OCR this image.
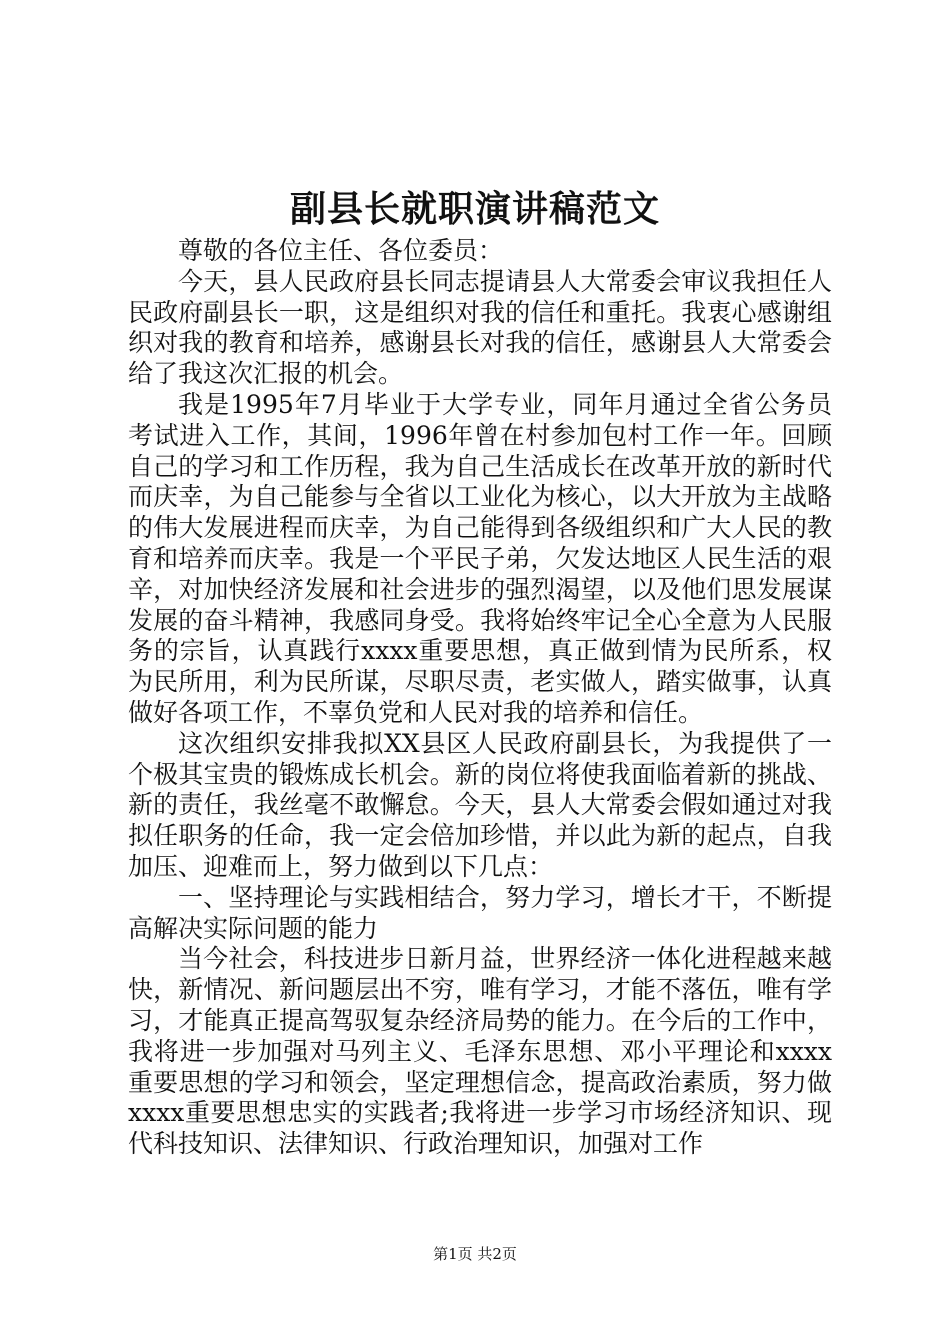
副县长就职演讲稿范文

尊敬的各位主任、各位委员：

今天，县人民政府县长同志提请县人大常委会审议我担任人民政府副县长一职，这是组织对我的信任和重托。我衷心感谢组织对我的教育和培养，感谢县长对我的信任，感谢县人大常委会给了我这次汇报的机会。

我是1995年7月毕业于大学专业，同年月通过全省公务员考试进入工作，其间，1996年曾在村参加包村工作一年。回顾自己的学习和工作历程，我为自己生活成长在改革开放的新时代而庆幸，为自己能参与全省以工业化为核心，以大开放为主战略的伟大发展进程而庆幸，为自己能得到各级组织和广大人民的教育和培养而庆幸。我是一个平民子弟，欠发达地区人民生活的艰辛，对加快经济发展和社会进步的强烈渴望，以及他们思发展谋发展的奋斗精神，我感同身受。我将始终牢记全心全意为人民服务的宗旨，认真践行xxxx重要思想，真正做到情为民所系，权为民所用，利为民所谋，尽职尽责，老实做人，踏实做事，认真做好各项工作，不辜负党和人民对我的培养和信任。

这次组织安排我拟XX县区人民政府副县长，为我提供了一个极其宝贵的锻炼成长机会。新的岗位将使我面临着新的挑战、新的责任，我丝毫不敢懈怠。今天，县人大常委会假如通过对我拟任职务的任命，我一定会倍加珍惜，并以此为新的起点，自我加压、迎难而上，努力做到以下几点：

一、坚持理论与实践相结合，努力学习，增长才干，不断提高解决实际问题的能力

当今社会，科技进步日新月益，世界经济一体化进程越来越快，新情况、新问题层出不穷，唯有学习，才能不落伍，唯有学习，才能真正提高驾驭复杂经济局势的能力。在今后的工作中，我将进一步加强对马列主义、毛泽东思想、邓小平理论和xxxx重要思想的学习和领会，坚定理想信念，提高政治素质，努力做xxxx重要思想忠实的实践者;我将进一步学习市场经济知识、现代科技知识、法律知识、行政治理知识，加强对工作

第1页 共2页
